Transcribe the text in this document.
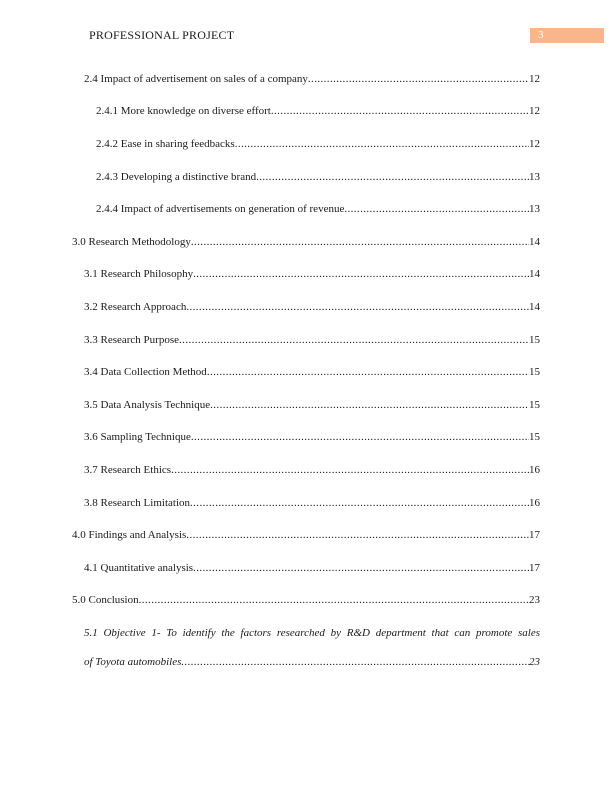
PROFESSIONAL PROJECT	3
2.4 Impact of advertisement on sales of a company .....	12
2.4.1 More knowledge on diverse effort .....	12
2.4.2 Ease in sharing feedbacks .....	12
2.4.3 Developing a distinctive brand .....	13
2.4.4 Impact of advertisements on generation of revenue .....	13
3.0 Research Methodology .....	14
3.1 Research Philosophy .....	14
3.2 Research Approach .....	14
3.3 Research Purpose .....	15
3.4 Data Collection Method .....	15
3.5 Data Analysis Technique .....	15
3.6 Sampling Technique .....	15
3.7 Research Ethics .....	16
3.8 Research Limitation .....	16
4.0 Findings and Analysis .....	17
4.1 Quantitative analysis .....	17
5.0 Conclusion .....	23
5.1 Objective 1- To identify the factors researched by R&D department that can promote sales
of Toyota automobiles .....	23
